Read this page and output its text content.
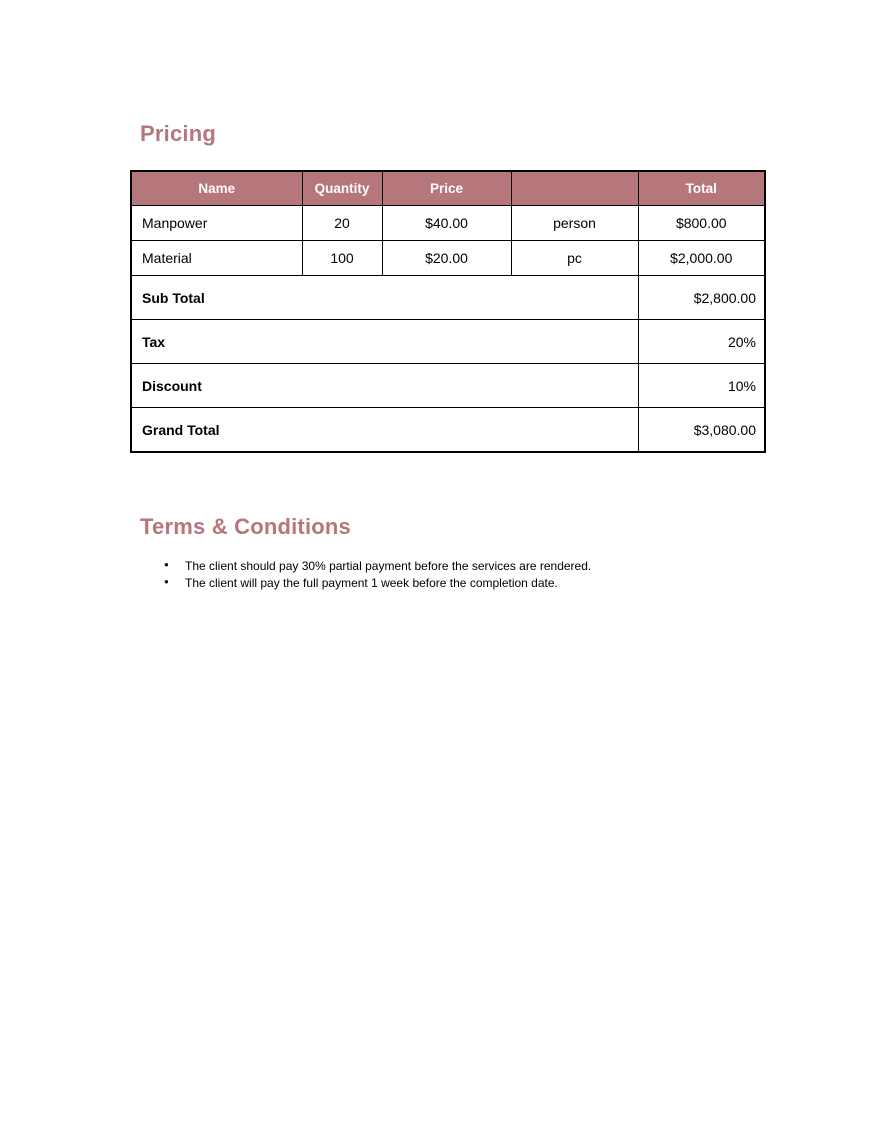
Pricing
Name	Quantity	Price		Total
Manpower	20	$40.00	person	$800.00
Material	100	$20.00	pc	$2,000.00
Sub Total				$2,800.00
Tax				20%
Discount				10%
Grand Total				$3,080.00
Terms & Conditions
● The client should pay 30% partial payment before the services are rendered.
● The client will pay the full payment 1 week before the completion date.
